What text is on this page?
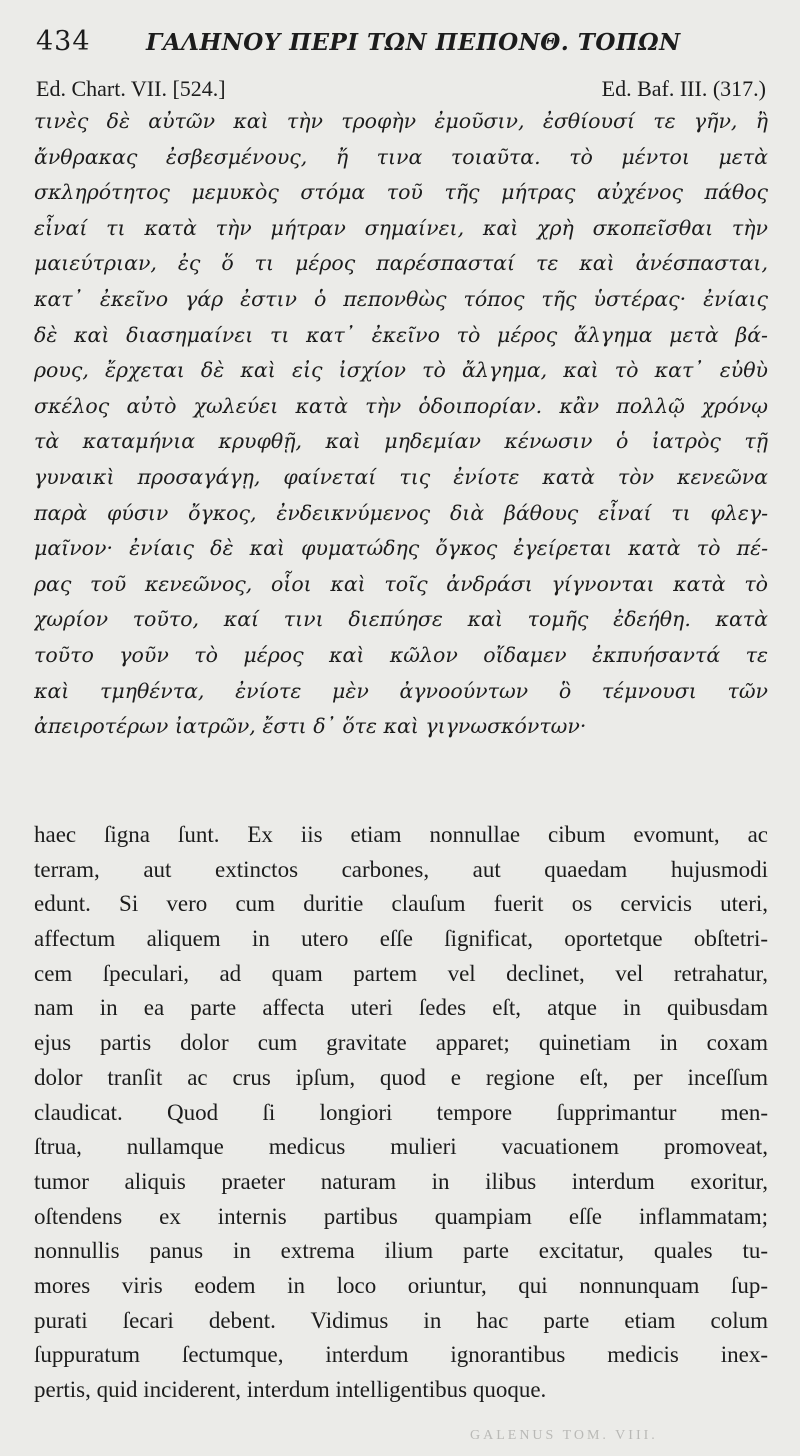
434 ΓΑΛΗΝΟΥ ΠΕΡΙ ΤΩΝ ΠΕΠΟΝΘ. ΤΟΠΩΝ
Ed. Chart. VII. [524.]	Ed. Baf. III. (317.)
τινὲς δὲ αὐτῶν καὶ τὴν τροφὴν ἐμοῦσιν, ἐσθίουσί τε γῆν, ἢ
ἄνθρακας ἐσβεσμένους, ἤ τινα τοιαῦτα. τὸ μέντοι μετὰ
σκληρότητος μεμυκὸς στόμα τοῦ τῆς μήτρας αὐχένος πάθος
εἶναί τι κατὰ τὴν μήτραν σημαίνει, καὶ χρὴ σκοπεῖσθαι τὴν
μαιεύτριαν, ἐς ὅ τι μέρος παρέσπασταί τε καὶ ἀνέσπασται,
κατ᾿ ἐκεῖνο γάρ ἐστιν ὁ πεπονθὼς τόπος τῆς ὑστέρας· ἐνίαις
δὲ καὶ διασημαίνει τι κατ᾿ ἐκεῖνο τὸ μέρος ἄλγημα μετὰ βά-
ρους, ἔρχεται δὲ καὶ εἰς ἰσχίον τὸ ἄλγημα, καὶ τὸ κατ᾿ εὐθὺ
σκέλος αὐτὸ χωλεύει κατὰ τὴν ὁδοιπορίαν. κἂν πολλῷ χρόνῳ
τὰ καταμήνια κρυφθῇ, καὶ μηδεμίαν κένωσιν ὁ ἰατρὸς τῇ
γυναικὶ προσαγάγῃ, φαίνεταί τις ἐνίοτε κατὰ τὸν κενεῶνα
παρὰ φύσιν ὄγκος, ἐνδεικνύμενος διὰ βάθους εἶναί τι φλεγ-
μαῖνον· ἐνίαις δὲ καὶ φυματώδης ὄγκος ἐγείρεται κατὰ τὸ πέ-
ρας τοῦ κενεῶνος, οἷοι καὶ τοῖς ἀνδράσι γίγνονται κατὰ τὸ
χωρίον τοῦτο, καί τινι διεπύησε καὶ τομῆς ἐδεήθη. κατὰ
τοῦτο γοῦν τὸ μέρος καὶ κῶλον οἴδαμεν ἐκπυήσαντά τε
καὶ τμηθέντα, ἐνίοτε μὲν ἀγνοούντων ὃ τέμνουσι τῶν
ἀπειροτέρων ἰατρῶν, ἔστι δ᾿ ὅτε καὶ γιγνωσκόντων·
haec ſigna ſunt. Ex iis etiam nonnullae cibum evomunt, ac
terram, aut extinctos carbones, aut quaedam hujusmodi
edunt. Si vero cum duritie clauſum fuerit os cervicis uteri,
affectum aliquem in utero eſſe ſignificat, oportetque obſtetri-
cem ſpeculari, ad quam partem vel declinet, vel retrahatur,
nam in ea parte affecta uteri ſedes eſt, atque in quibusdam
ejus partis dolor cum gravitate apparet; quinetiam in coxam
dolor tranſit ac crus ipſum, quod e regione eſt, per inceſſum
claudicat. Quod ſi longiori tempore ſupprimantur men-
ſtrua, nullamque medicus mulieri vacuationem promoveat,
tumor aliquis praeter naturam in ilibus interdum exoritur,
oſtendens ex internis partibus quampiam eſſe inflammatam;
nonnullis panus in extrema ilium parte excitatur, quales tu-
mores viris eodem in loco oriuntur, qui nonnunquam ſup-
purati ſecari debent. Vidimus in hac parte etiam colum
ſuppuratum ſectumque, interdum ignorantibus medicis inex-
pertis, quid inciderent, interdum intelligentibus quoque.
GALENUS TOM. VIII.
